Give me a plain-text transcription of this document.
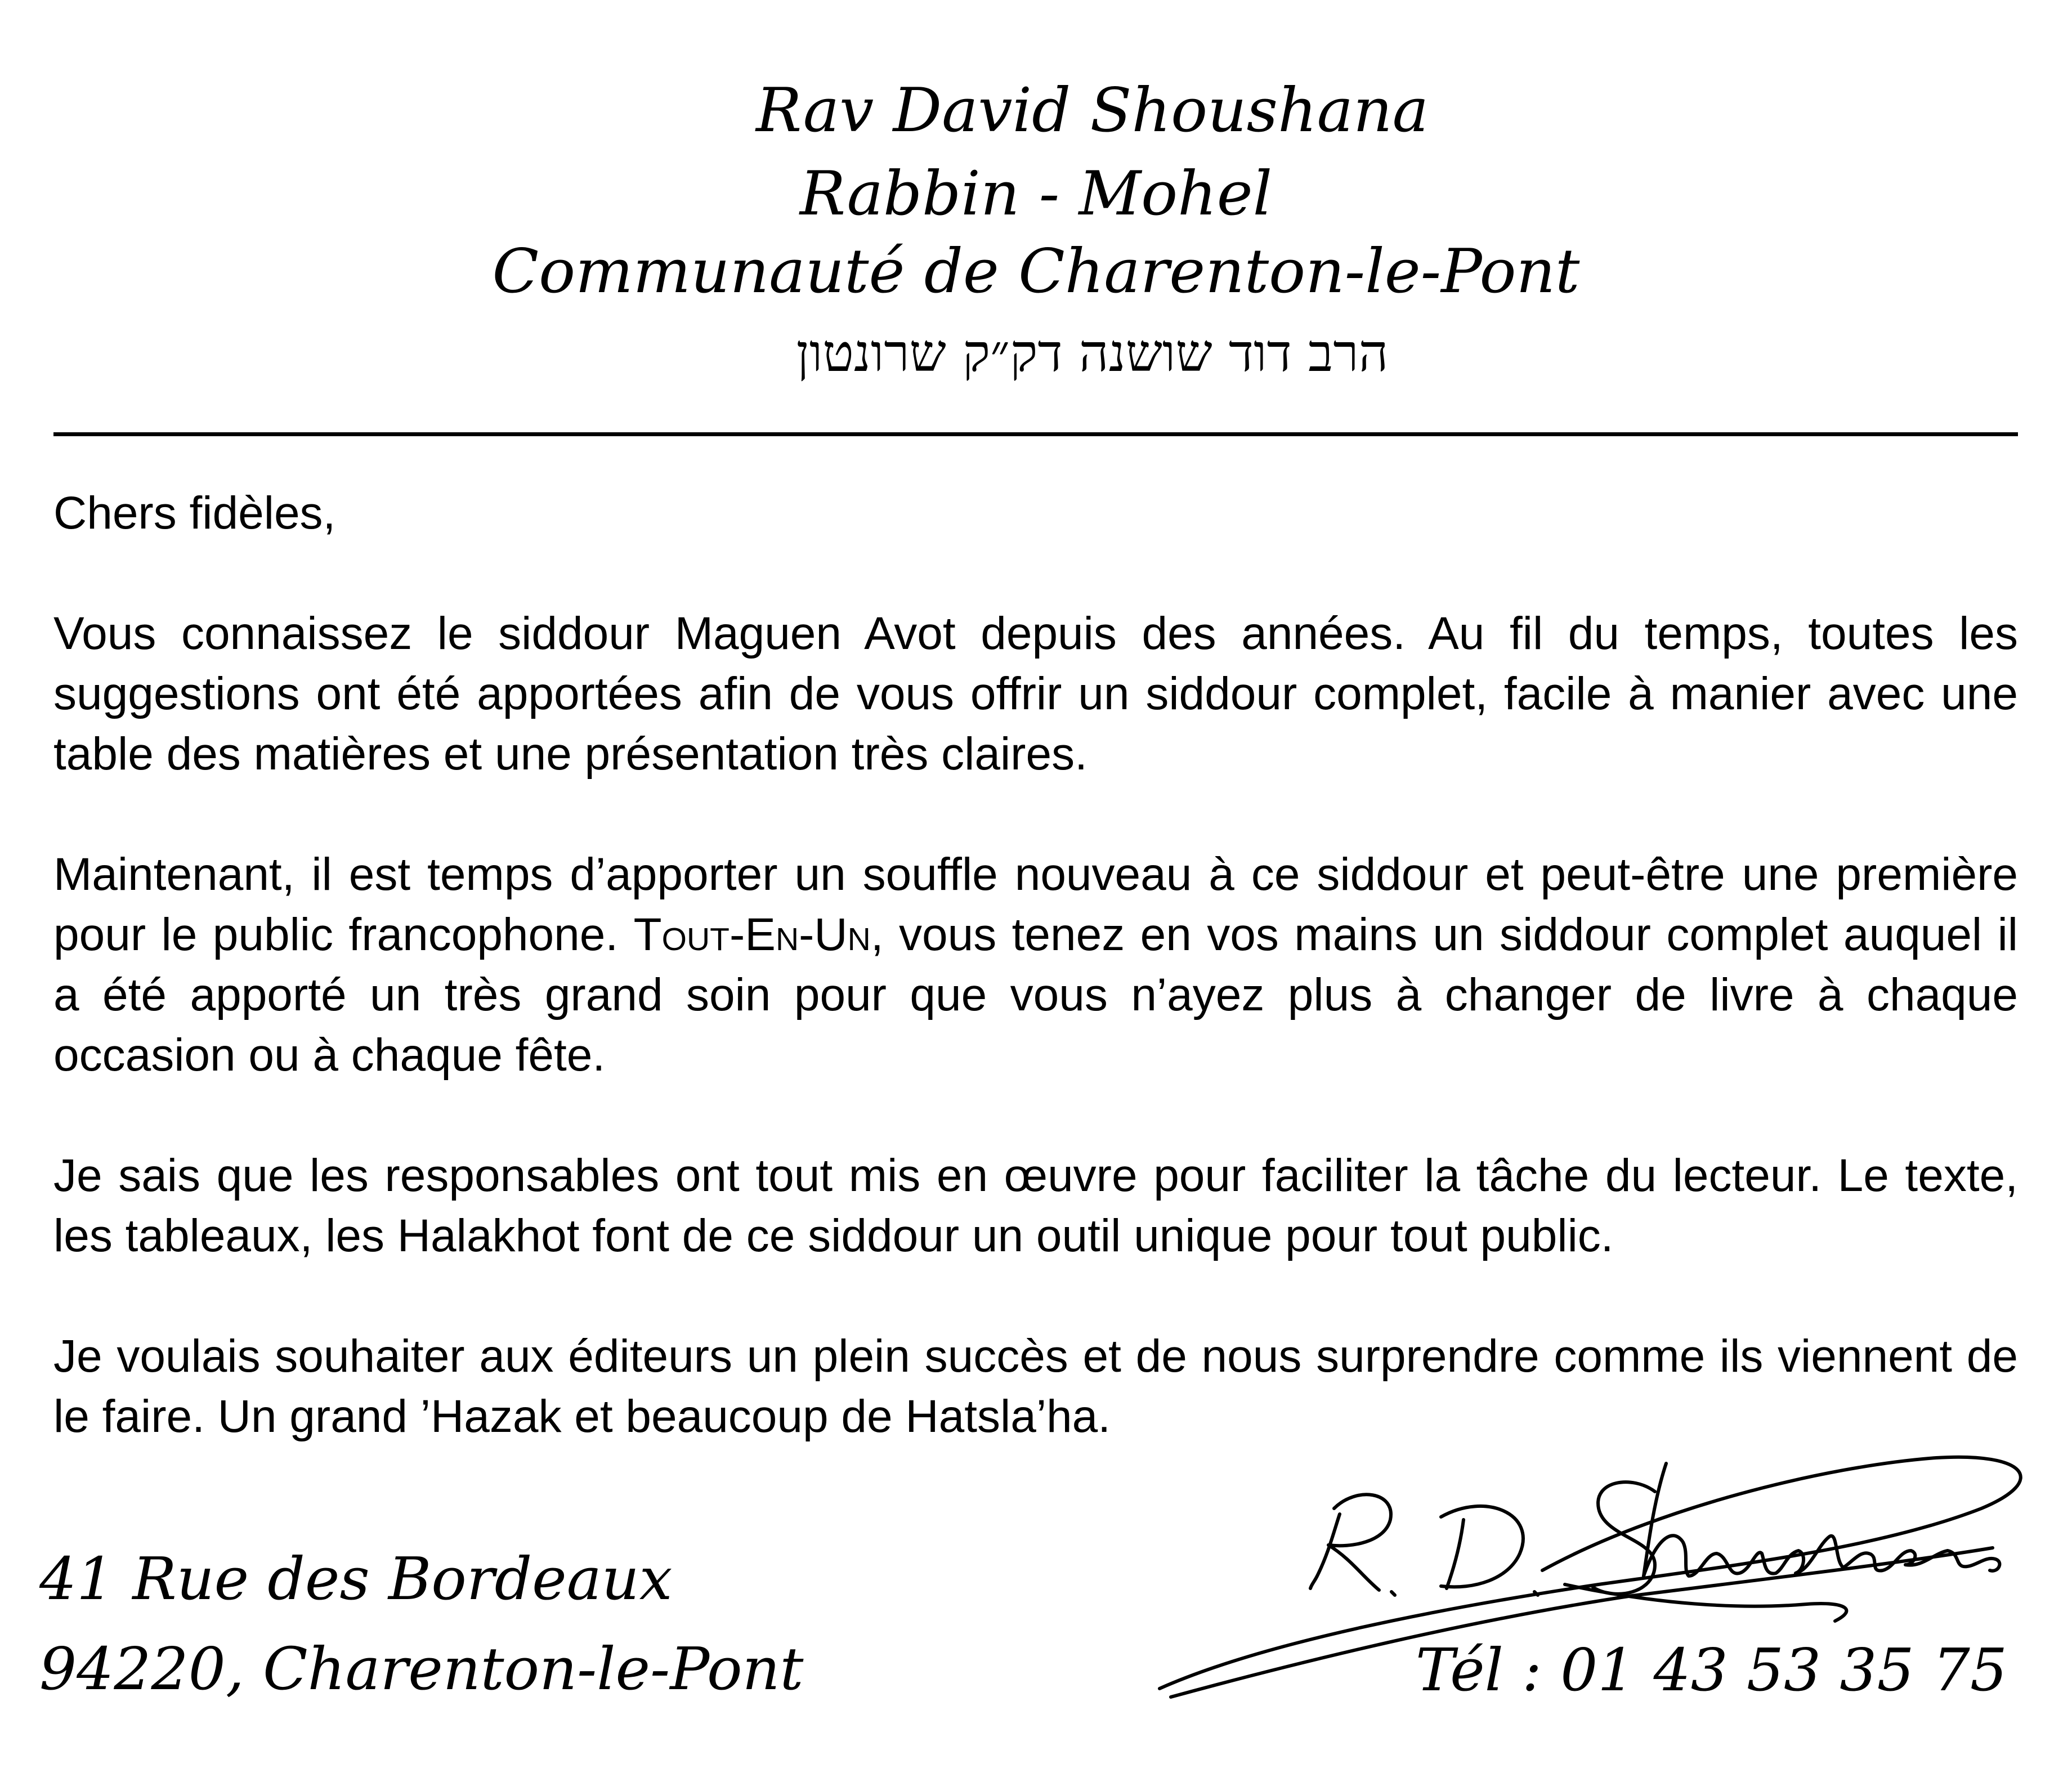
Rav David Shoushana
Rabbin - Mohel
Communauté de Charenton-le-Pont
הרב דוד שושנה דק״ק שרונטון

Chers fidèles,

Vous connaissez le siddour Maguen Avot depuis des années. Au fil du temps, toutes les suggestions ont été apportées afin de vous offrir un siddour complet, facile à manier avec une table des matières et une présentation très claires.

Maintenant, il est temps d’apporter un souffle nouveau à ce siddour et peut-être une première pour le public francophone. Tout-En-Un, vous tenez en vos mains un siddour complet auquel il a été apporté un très grand soin pour que vous n’ayez plus à changer de livre à chaque occasion ou à chaque fête.

Je sais que les responsables ont tout mis en œuvre pour faciliter la tâche du lecteur. Le texte, les tableaux, les Halakhot font de ce siddour un outil unique pour tout public.

Je voulais souhaiter aux éditeurs un plein succès et de nous surprendre comme ils viennent de le faire. Un grand ’Hazak et beaucoup de Hatsla’ha.

41 Rue des Bordeaux
94220, Charenton-le-Pont	Tél : 01 43 53 35 75
